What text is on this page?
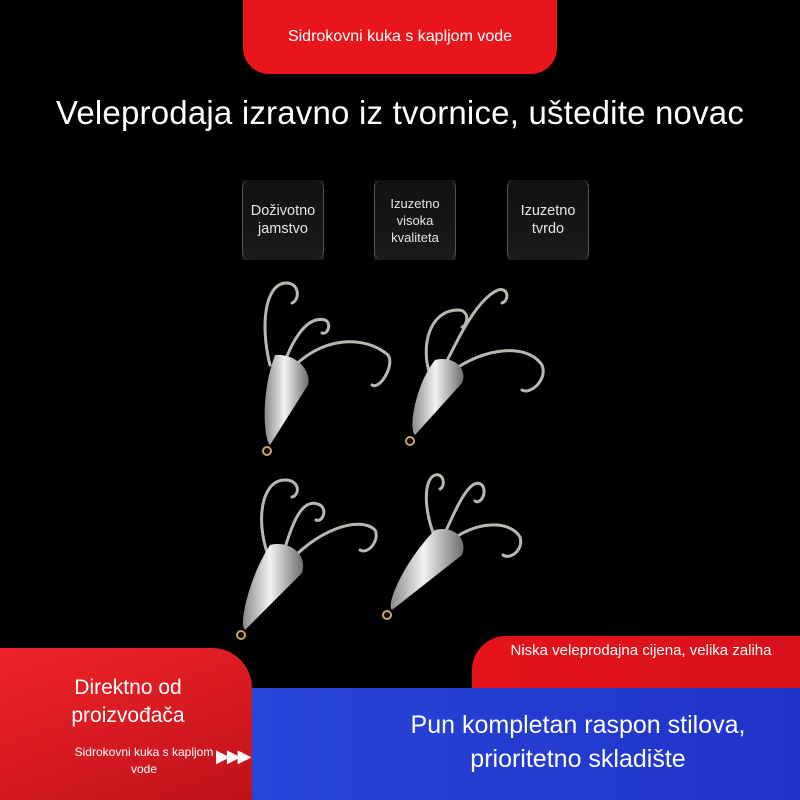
Sidrokovni kuka s kapljom vode
Veleprodaja izravno iz tvornice, uštedite novac
Doživotno jamstvo
Izuzetno visoka kvaliteta
Izuzetno tvrdo
Niska veleprodajna cijena, velika zaliha
Direktno od proizvođača
Sidrokovni kuka s kapljom vode
▶▶▶
Pun kompletan raspon stilova, prioritetno skladište
